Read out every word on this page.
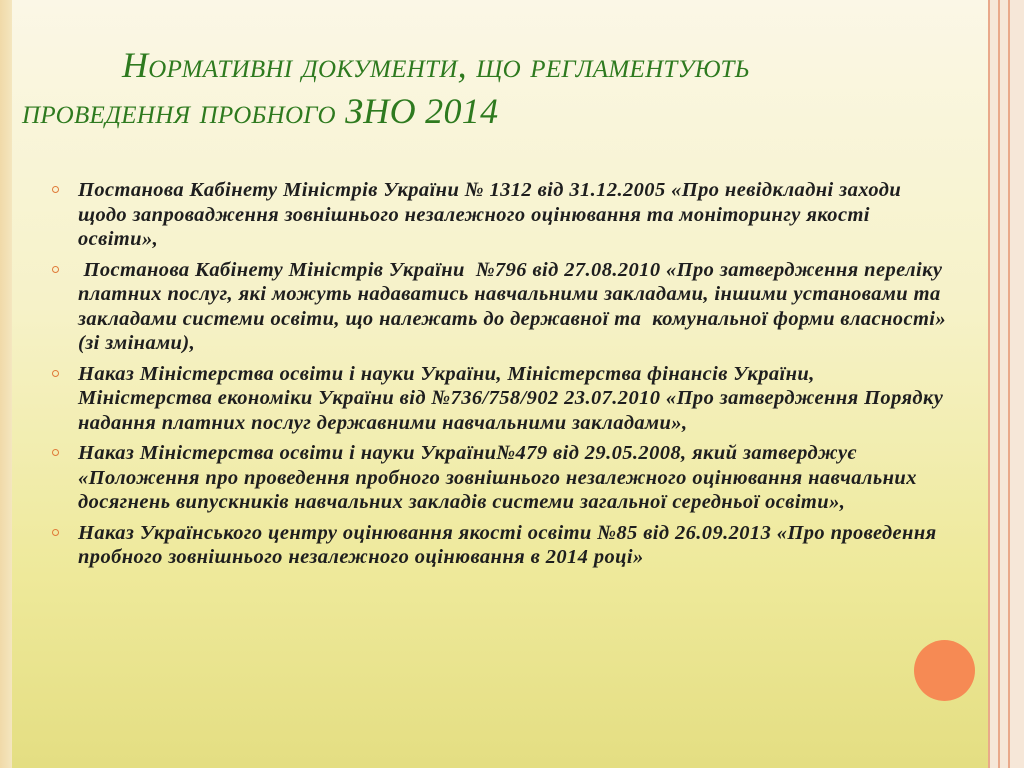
Нормативні документи, що регламентують
проведення пробного ЗНО 2014
Постанова Кабінету Міністрів України № 1312 від 31.12.2005 «Про невідкладні заходи щодо запровадження зовнішнього незалежного оцінювання та моніторингу якості освіти»,
Постанова Кабінету Міністрів України  №796 від 27.08.2010 «Про затвердження переліку платних послуг, які можуть надаватись навчальними закладами, іншими установами та закладами системи освіти, що належать до державної та  комунальної форми власності» (зі змінами),
Наказ Міністерства освіти і науки України, Міністерства фінансів України, Міністерства економіки України від №736/758/902 23.07.2010 «Про затвердження Порядку надання платних послуг державними навчальними закладами»,
Наказ Міністерства освіти і науки України№479 від 29.05.2008, який затверджує «Положення про проведення пробного зовнішнього незалежного оцінювання навчальних досягнень випускників навчальних закладів системи загальної середньої освіти»,
Наказ Українського центру оцінювання якості освіти №85 від 26.09.2013 «Про проведення пробного зовнішнього незалежного оцінювання в 2014 році»
